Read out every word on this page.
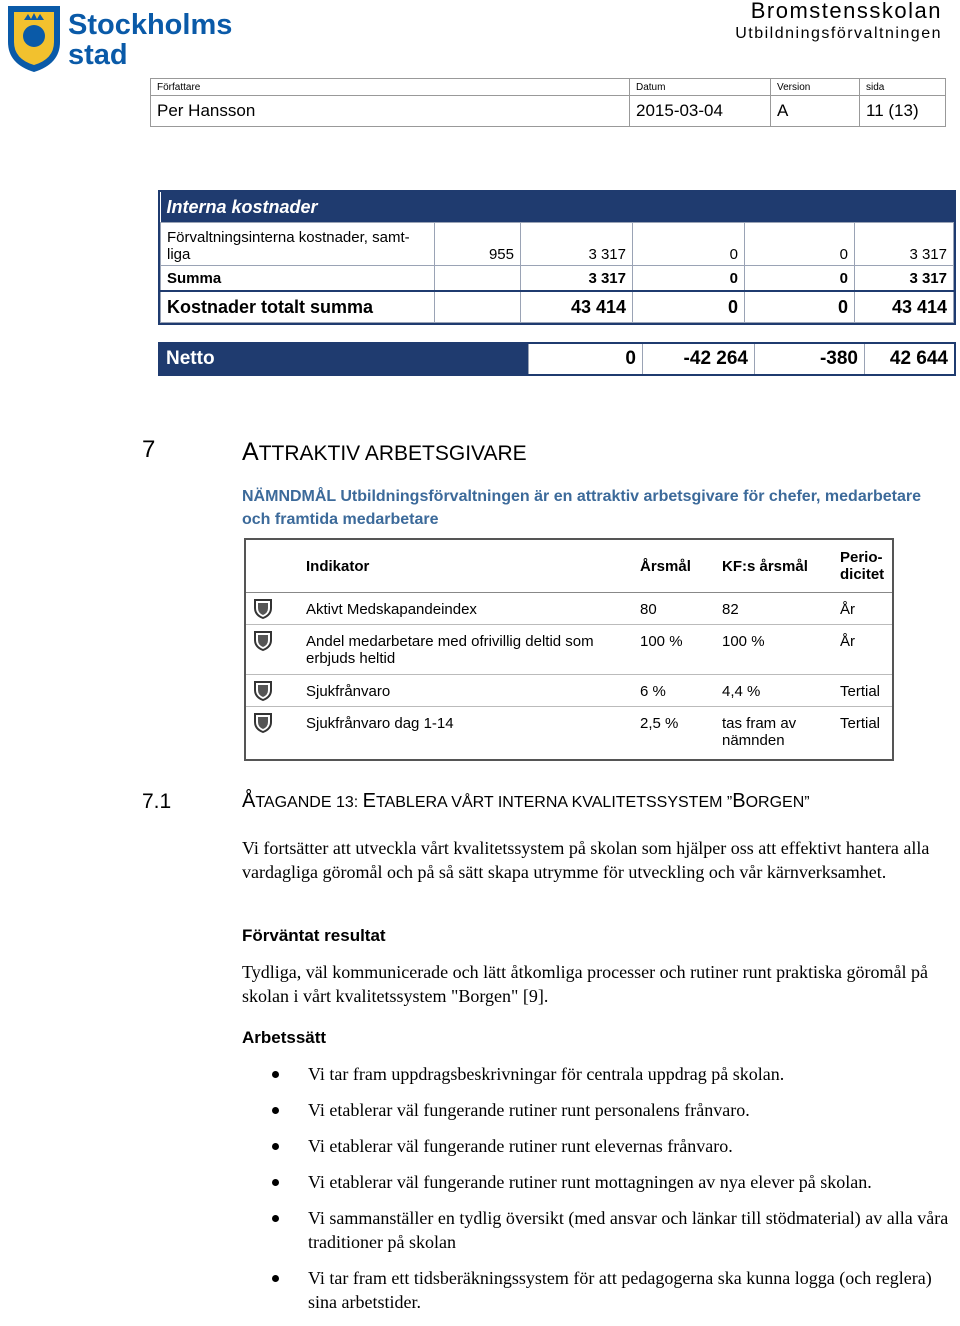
Stockholms
stad
Bromstensskolan
Utbildningsförvaltningen
Författare	Datum	Version	sida
Per Hansson	2015-03-04	A	11 (13)
Interna kostnader					
Förvaltningsinterna kostnader, samt-
liga	955	3 317	0	0	3 317
Summa		3 317	0	0	3 317
Kostnader totalt summa		43 414	0	0	43 414
Netto	0	-42 264	-380	42 644
7	ATTRAKTIV ARBETSGIVARE
NÄMNDMÅL Utbildningsförvaltningen är en attraktiv arbetsgivare för chefer, medarbetare och framtida medarbetare
	Indikator	Årsmål	KF:s årsmål	Perio-
dicitet
	Aktivt Medskapandeindex	80	82	År
	Andel medarbetare med ofrivillig deltid som erbjuds heltid	100 %	100 %	År
	Sjukfrånvaro	6 %	4,4 %	Tertial
	Sjukfrånvaro dag 1-14	2,5 %	tas fram av nämnden	Tertial
7.1	ÅTAGANDE 13: ETABLERA VÅRT INTERNA KVALITETSSYSTEM ”BORGEN”
Vi fortsätter att utveckla vårt kvalitetssystem på skolan som hjälper oss att effektivt hantera alla vardagliga göromål och på så sätt skapa utrymme för utveckling och vår kärnverksamhet.
Förväntat resultat
Tydliga, väl kommunicerade och lätt åtkomliga processer och rutiner runt praktiska göromål på skolan i vårt kvalitetssystem "Borgen" [9].
Arbetssätt
Vi tar fram uppdragsbeskrivningar för centrala uppdrag på skolan.
Vi etablerar väl fungerande rutiner runt personalens frånvaro.
Vi etablerar väl fungerande rutiner runt elevernas frånvaro.
Vi etablerar väl fungerande rutiner runt mottagningen av nya elever på skolan.
Vi sammanställer en tydlig översikt (med ansvar och länkar till stödmaterial) av alla våra traditioner på skolan
Vi tar fram ett tidsberäkningssystem för att pedagogerna ska kunna logga (och reglera) sina arbetstider.
